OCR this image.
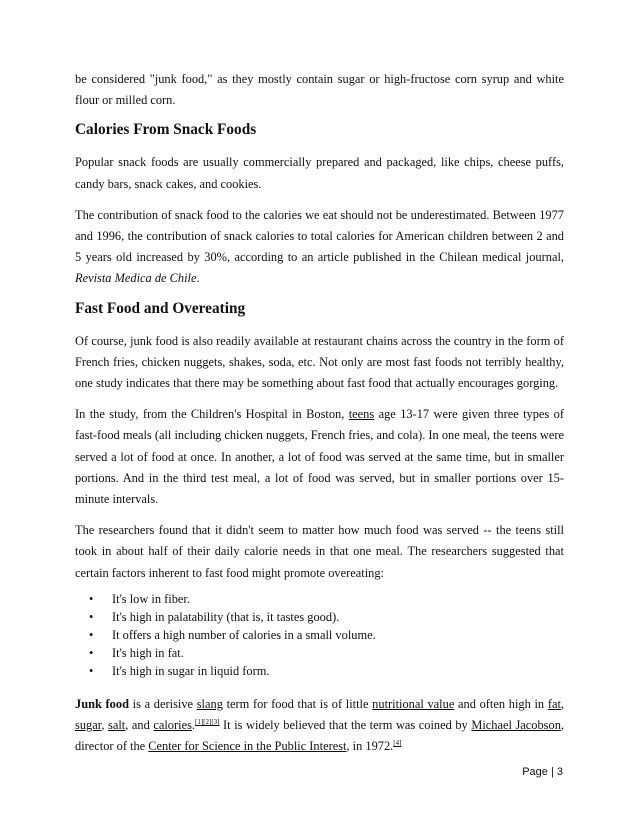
be considered "junk food," as they mostly contain sugar or high-fructose corn syrup and white flour or milled corn.

Calories From Snack Foods

Popular snack foods are usually commercially prepared and packaged, like chips, cheese puffs, candy bars, snack cakes, and cookies.

The contribution of snack food to the calories we eat should not be underestimated. Between 1977 and 1996, the contribution of snack calories to total calories for American children between 2 and 5 years old increased by 30%, according to an article published in the Chilean medical journal, Revista Medica de Chile.

Fast Food and Overeating

Of course, junk food is also readily available at restaurant chains across the country in the form of French fries, chicken nuggets, shakes, soda, etc. Not only are most fast foods not terribly healthy, one study indicates that there may be something about fast food that actually encourages gorging.

In the study, from the Children's Hospital in Boston, teens age 13-17 were given three types of fast-food meals (all including chicken nuggets, French fries, and cola). In one meal, the teens were served a lot of food at once. In another, a lot of food was served at the same time, but in smaller portions. And in the third test meal, a lot of food was served, but in smaller portions over 15-minute intervals.

The researchers found that it didn't seem to matter how much food was served -- the teens still took in about half of their daily calorie needs in that one meal. The researchers suggested that certain factors inherent to fast food might promote overeating:

• It's low in fiber.
• It's high in palatability (that is, it tastes good).
• It offers a high number of calories in a small volume.
• It's high in fat.
• It's high in sugar in liquid form.

Junk food is a derisive slang term for food that is of little nutritional value and often high in fat, sugar, salt, and calories.[1][2][3] It is widely believed that the term was coined by Michael Jacobson, director of the Center for Science in the Public Interest, in 1972.[4]

Page | 3
